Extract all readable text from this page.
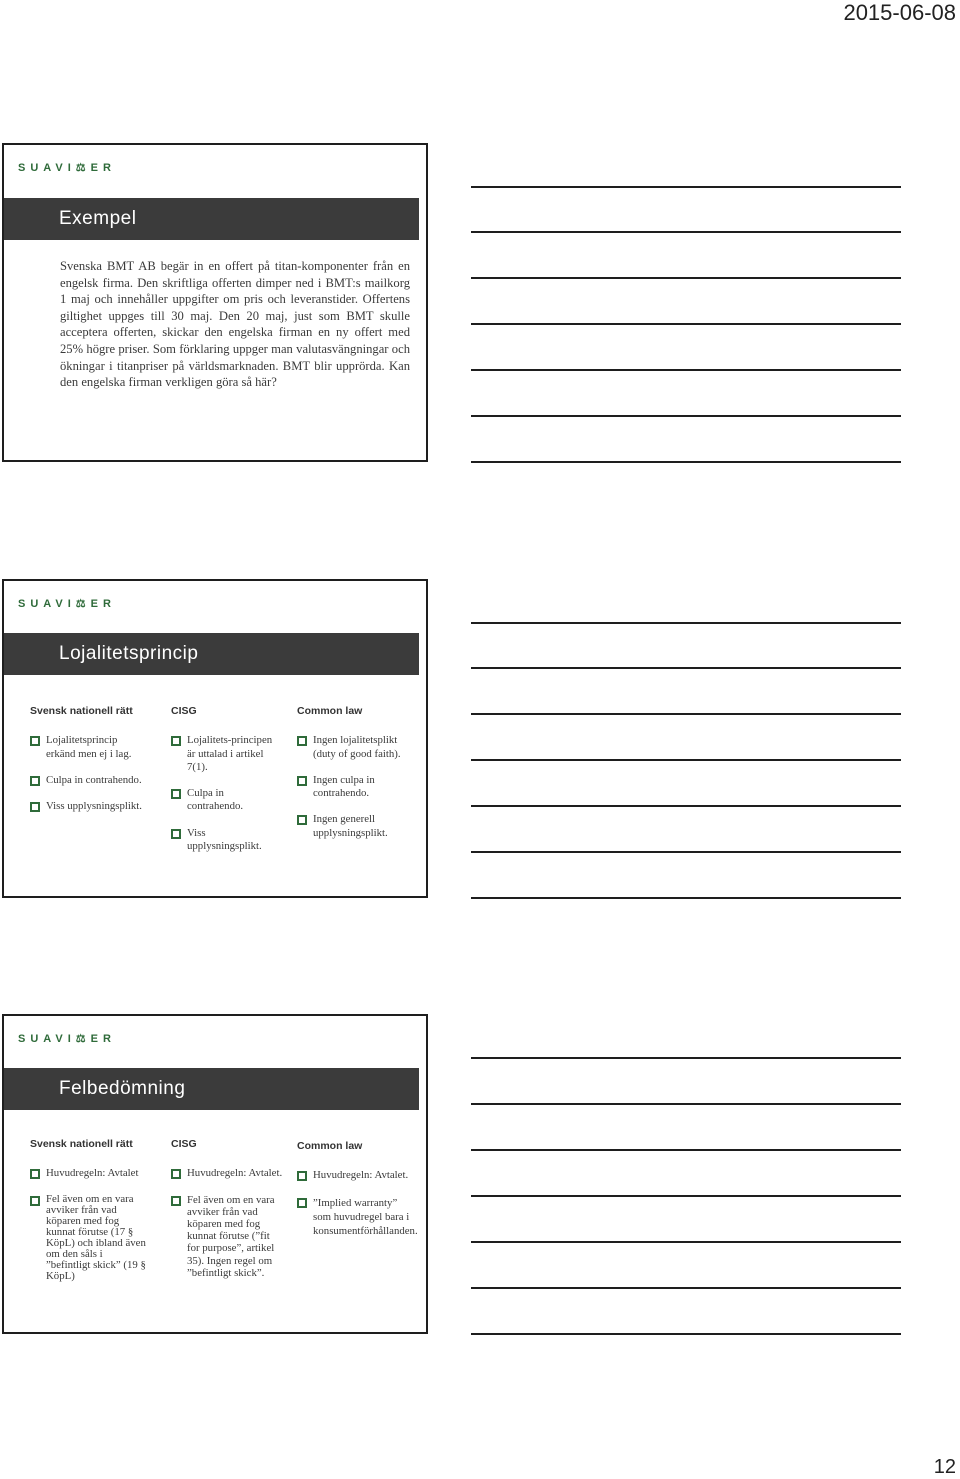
2015-06-08
SUAVI⚖ER
Exempel
Svenska BMT AB begär in en offert på titan-komponenter från en engelsk firma. Den skriftliga offerten dimper ned i BMT:s mailkorg 1 maj och innehåller uppgifter om pris och leveranstider. Offertens giltighet uppges till 30 maj. Den 20 maj, just som BMT skulle acceptera offerten, skickar den engelska firman en ny offert med 25% högre priser. Som förklaring uppger man valutasvängningar och ökningar i titanpriser på världsmarknaden. BMT blir upprörda. Kan den engelska firman verkligen göra så här?
SUAVI⚖ER
Lojalitetsprincip
Svensk nationell rätt
Lojalitetsprincip erkänd men ej i lag.
Culpa in contrahendo.
Viss upplysningsplikt.
CISG
Lojalitets-principen är uttalad i artikel 7(1).
Culpa in contrahendo.
Viss upplysningsplikt.
Common law
Ingen lojalitetsplikt (duty of good faith).
Ingen culpa in contrahendo.
Ingen generell upplysningsplikt.
SUAVI⚖ER
Felbedömning
Svensk nationell rätt
Huvudregeln: Avtalet
Fel även om en vara avviker från vad köparen med fog kunnat förutse (17 § KöpL) och ibland även om den såls i ”befintligt skick” (19 § KöpL)
CISG
Huvudregeln: Avtalet.
Fel även om en vara avviker från vad köparen med fog kunnat förutse (”fit for purpose”, artikel 35). Ingen regel om ”befintligt skick”.
Common law
Huvudregeln: Avtalet.
”Implied warranty” som huvudregel bara i konsumentförhållanden.
12
